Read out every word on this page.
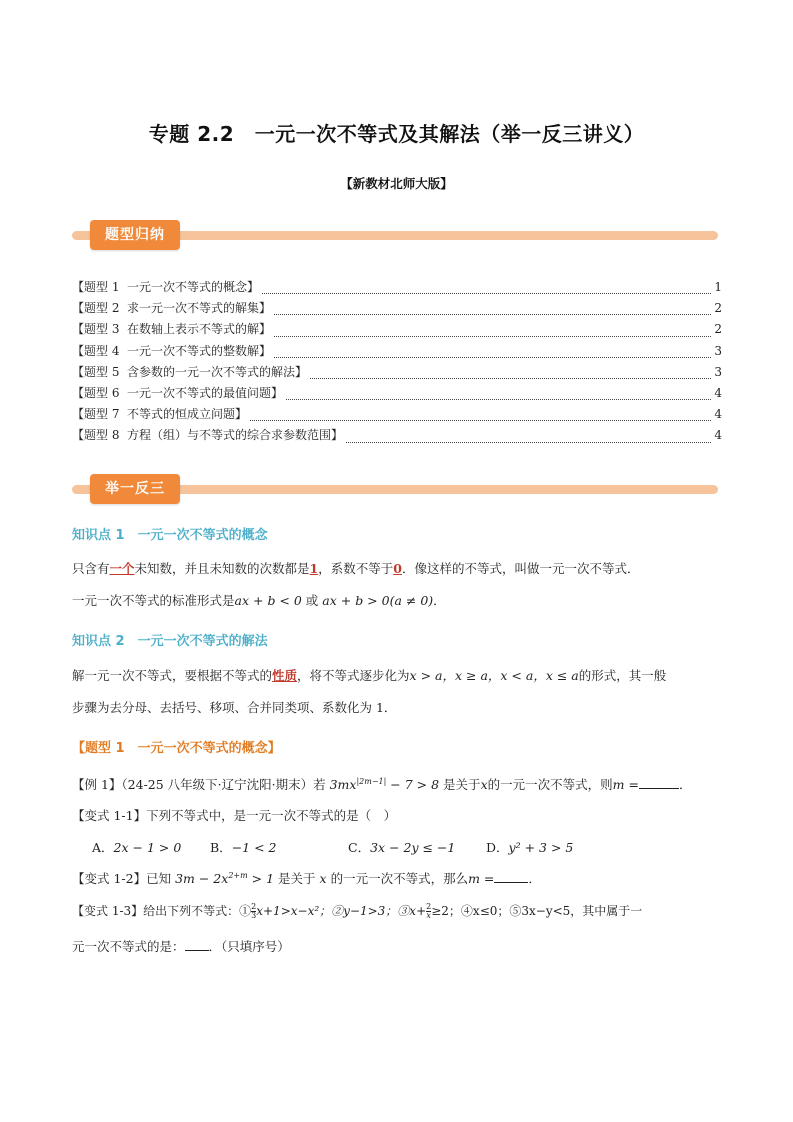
专题 2.2　一元一次不等式及其解法（举一反三讲义）
【新教材北师大版】
题型归纳
【题型 1 一元一次不等式的概念】	1
【题型 2 求一元一次不等式的解集】	2
【题型 3 在数轴上表示不等式的解】	2
【题型 4 一元一次不等式的整数解】	3
【题型 5 含参数的一元一次不等式的解法】	3
【题型 6 一元一次不等式的最值问题】	4
【题型 7 不等式的恒成立问题】	4
【题型 8 方程（组）与不等式的综合求参数范围】	4
举一反三
知识点 1　一元一次不等式的概念
只含有一个未知数，并且未知数的次数都是1，系数不等于0．像这样的不等式，叫做一元一次不等式．
一元一次不等式的标准形式是ax + b < 0 或 ax + b > 0(a ≠ 0)．
知识点 2　一元一次不等式的解法
解一元一次不等式，要根据不等式的性质，将不等式逐步化为x > a，x ≥ a，x < a，x ≤ a的形式，其一般
步骤为去分母、去括号、移项、合并同类项、系数化为 1．
【题型 1　一元一次不等式的概念】
【例 1】（24-25 八年级下·辽宁沈阳·期末）若 $3mx^{|2m-1|} - 7 > 8$ 是关于x的一元一次不等式，则m =	．
【变式 1-1】下列不等式中，是一元一次不等式的是（　）
A．2x − 1 > 0 B．−1 < 2	C．3x − 2y ≤ −1 D．y² + 3 > 5
【变式 1-2】已知 $3m - 2x^{2+m} > 1$ 是关于 x 的一元一次不等式，那么m =	．
【变式 1-3】给出下列不等式：① $\frac{2}{3} x+1>x-x^2$；②y−1>3；③x+ $\frac{2}{x} \ge 2$；④x≤0；⑤3x−y<5，其中属于一
元一次不等式的是： ．（只填序号）
